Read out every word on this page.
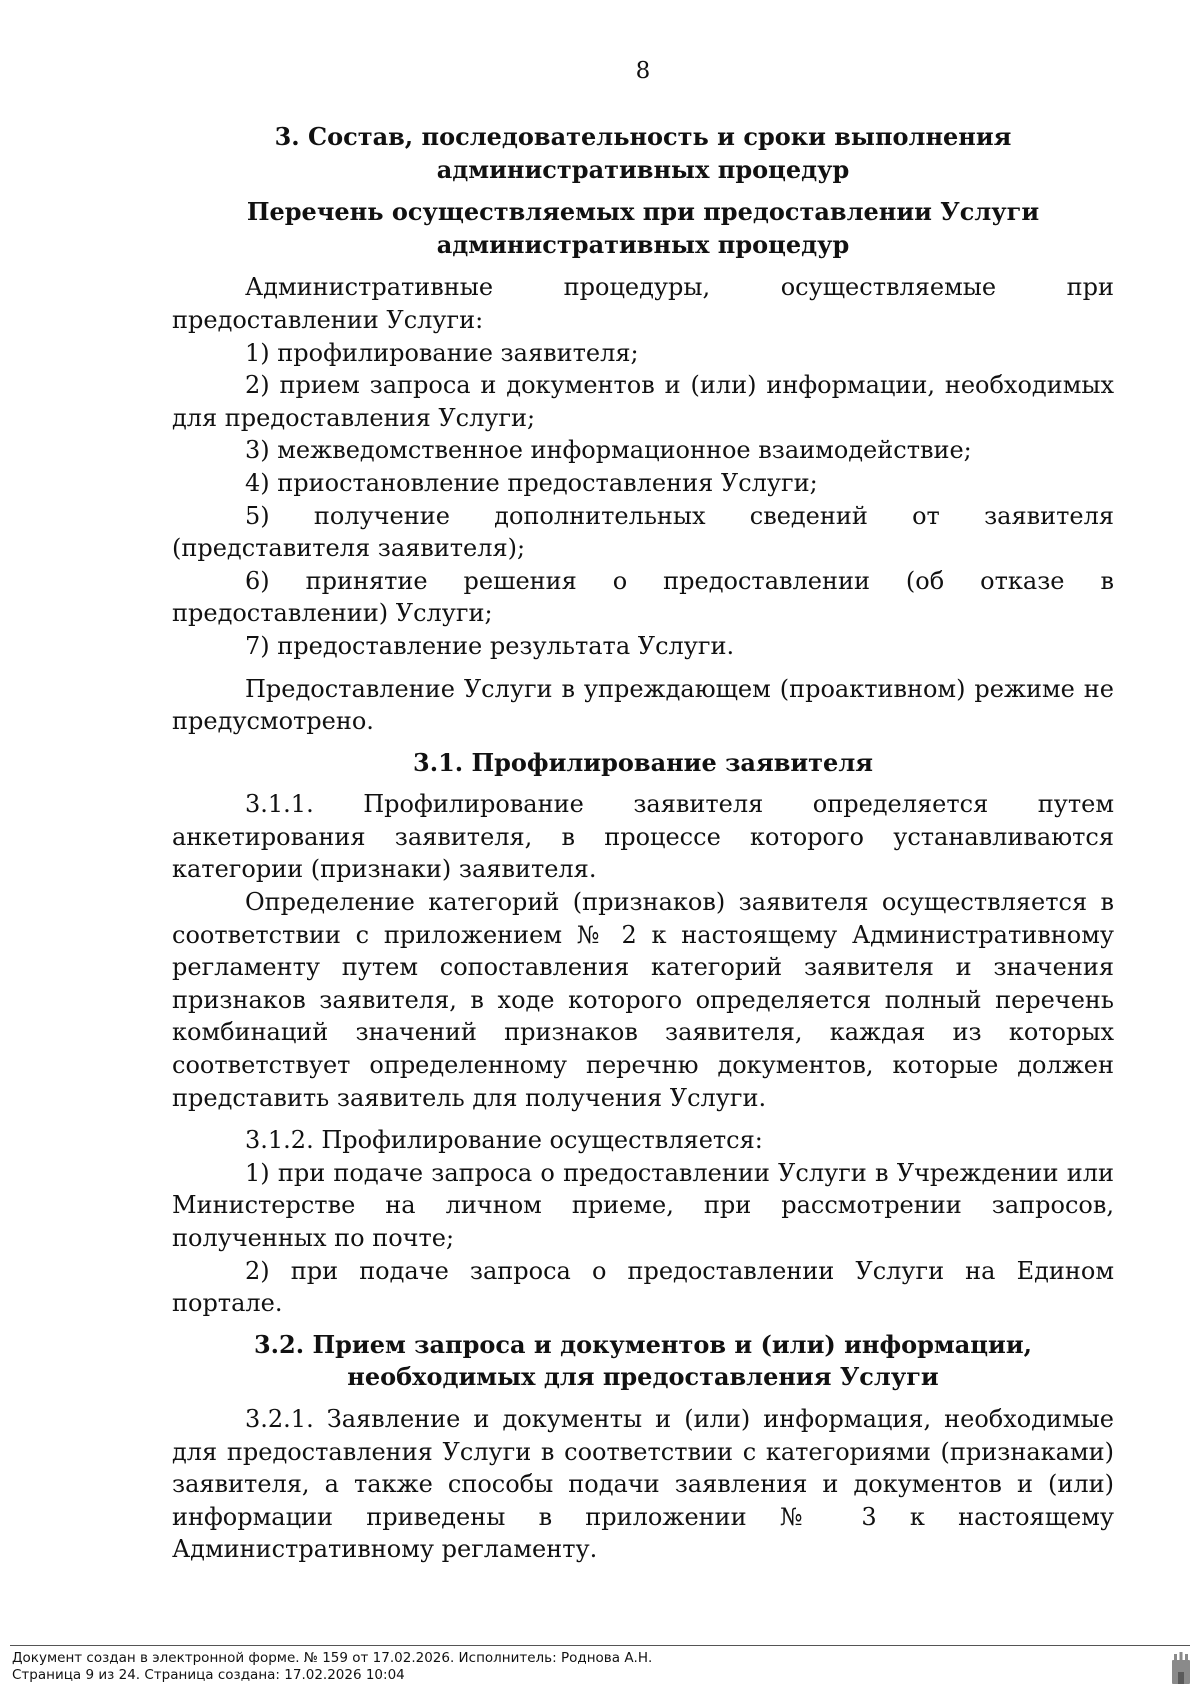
8

3. Состав, последовательность и сроки выполнения административных процедур

Перечень осуществляемых при предоставлении Услуги административных процедур

Административные процедуры, осуществляемые при предоставлении Услуги:

1) профилирование заявителя;

2) прием запроса и документов и (или) информации, необходимых для предоставления Услуги;

3) межведомственное информационное взаимодействие;

4) приостановление предоставления Услуги;

5) получение дополнительных сведений от заявителя (представителя заявителя);

6) принятие решения о предоставлении (об отказе в предоставлении) Услуги;

7) предоставление результата Услуги.

Предоставление Услуги в упреждающем (проактивном) режиме не предусмотрено.

3.1. Профилирование заявителя

3.1.1. Профилирование заявителя определяется путем анкетирования заявителя, в процессе которого устанавливаются категории (признаки) заявителя.

Определение категорий (признаков) заявителя осуществляется в соответствии с приложением № 2 к настоящему Административному регламенту путем сопоставления категорий заявителя и значения признаков заявителя, в ходе которого определяется полный перечень комбинаций значений признаков заявителя, каждая из которых соответствует определенному перечню документов, которые должен представить заявитель для получения Услуги.

3.1.2. Профилирование осуществляется:

1) при подаче запроса о предоставлении Услуги в Учреждении или Министерстве на личном приеме, при рассмотрении запросов, полученных по почте;

2) при подаче запроса о предоставлении Услуги на Едином портале.

3.2. Прием запроса и документов и (или) информации, необходимых для предоставления Услуги

3.2.1. Заявление и документы и (или) информация, необходимые для предоставления Услуги в соответствии с категориями (признаками) заявителя, а также способы подачи заявления и документов и (или) информации приведены в приложении № 3 к настоящему Административному регламенту.

Документ создан в электронной форме. № 159 от 17.02.2026. Исполнитель: Роднова А.Н.
Страница 9 из 24. Страница создана: 17.02.2026 10:04
